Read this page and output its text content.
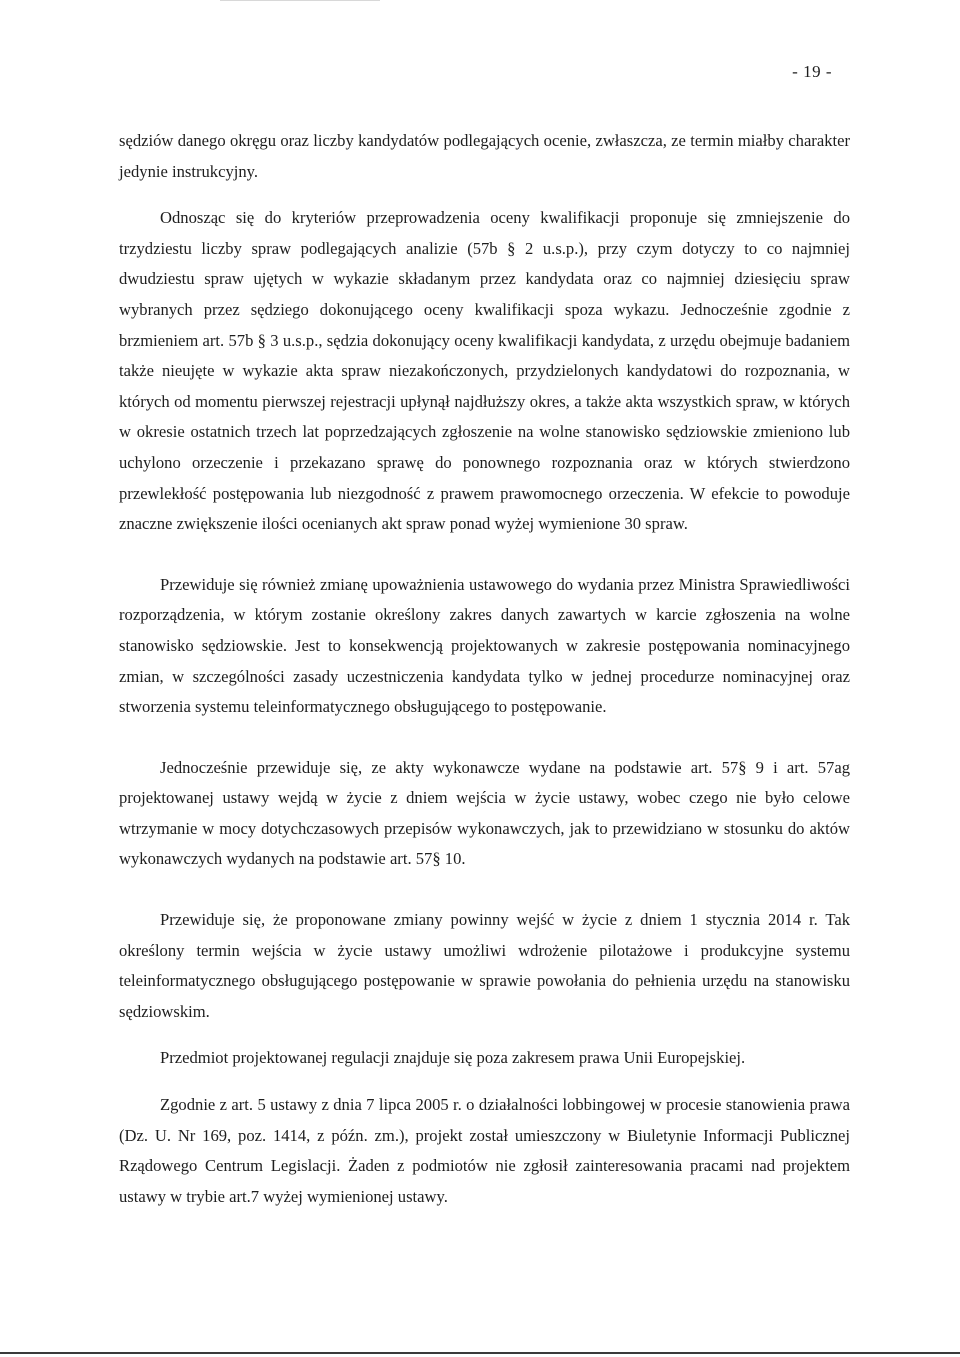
- 19 -

sędziów danego okręgu oraz liczby kandydatów podlegających ocenie, zwłaszcza, ze termin miałby charakter jedynie instrukcyjny.

Odnosząc się do kryteriów przeprowadzenia oceny kwalifikacji proponuje się zmniejszenie do trzydziestu liczby spraw podlegających analizie (57b § 2 u.s.p.), przy czym dotyczy to co najmniej dwudziestu spraw ujętych w wykazie składanym przez kandydata oraz co najmniej dziesięciu spraw wybranych przez sędziego dokonującego oceny kwalifikacji spoza wykazu. Jednocześnie zgodnie z brzmieniem art. 57b § 3 u.s.p., sędzia dokonujący oceny kwalifikacji kandydata, z urzędu obejmuje badaniem także nieujęte w wykazie akta spraw niezakończonych, przydzielonych kandydatowi do rozpoznania, w których od momentu pierwszej rejestracji upłynął najdłuższy okres, a także akta wszystkich spraw, w których w okresie ostatnich trzech lat poprzedzających zgłoszenie na wolne stanowisko sędziowskie zmieniono lub uchylono orzeczenie i przekazano sprawę do ponownego rozpoznania oraz w których stwierdzono przewlekłość postępowania lub niezgodność z prawem prawomocnego orzeczenia. W efekcie to powoduje znaczne zwiększenie ilości ocenianych akt spraw ponad wyżej wymienione 30 spraw.

Przewiduje się również zmianę upoważnienia ustawowego do wydania przez Ministra Sprawiedliwości rozporządzenia, w którym zostanie określony zakres danych zawartych w karcie zgłoszenia na wolne stanowisko sędziowskie. Jest to konsekwencją projektowanych w zakresie postępowania nominacyjnego zmian, w szczególności zasady uczestniczenia kandydata tylko w jednej procedurze nominacyjnej oraz stworzenia systemu teleinformatycznego obsługującego to postępowanie.

Jednocześnie przewiduje się, ze akty wykonawcze wydane na podstawie art. 57§ 9 i art. 57ag projektowanej ustawy wejdą w życie z dniem wejścia w życie ustawy, wobec czego nie było celowe wtrzymanie w mocy dotychczasowych przepisów wykonawczych, jak to przewidziano w stosunku do aktów wykonawczych wydanych na podstawie art. 57§ 10.

Przewiduje się, że proponowane zmiany powinny wejść w życie z dniem 1 stycznia 2014 r. Tak określony termin wejścia w życie ustawy umożliwi wdrożenie pilotażowe i produkcyjne systemu teleinformatycznego obsługującego postępowanie w sprawie powołania do pełnienia urzędu na stanowisku sędziowskim.

Przedmiot projektowanej regulacji znajduje się poza zakresem prawa Unii Europejskiej.

Zgodnie z art. 5 ustawy z dnia 7 lipca 2005 r. o działalności lobbingowej w procesie stanowienia prawa (Dz. U. Nr 169, poz. 1414, z późn. zm.), projekt został umieszczony w Biuletynie Informacji Publicznej Rządowego Centrum Legislacji. Żaden z podmiotów nie zgłosił zainteresowania pracami nad projektem ustawy w trybie art.7 wyżej wymienionej ustawy.
